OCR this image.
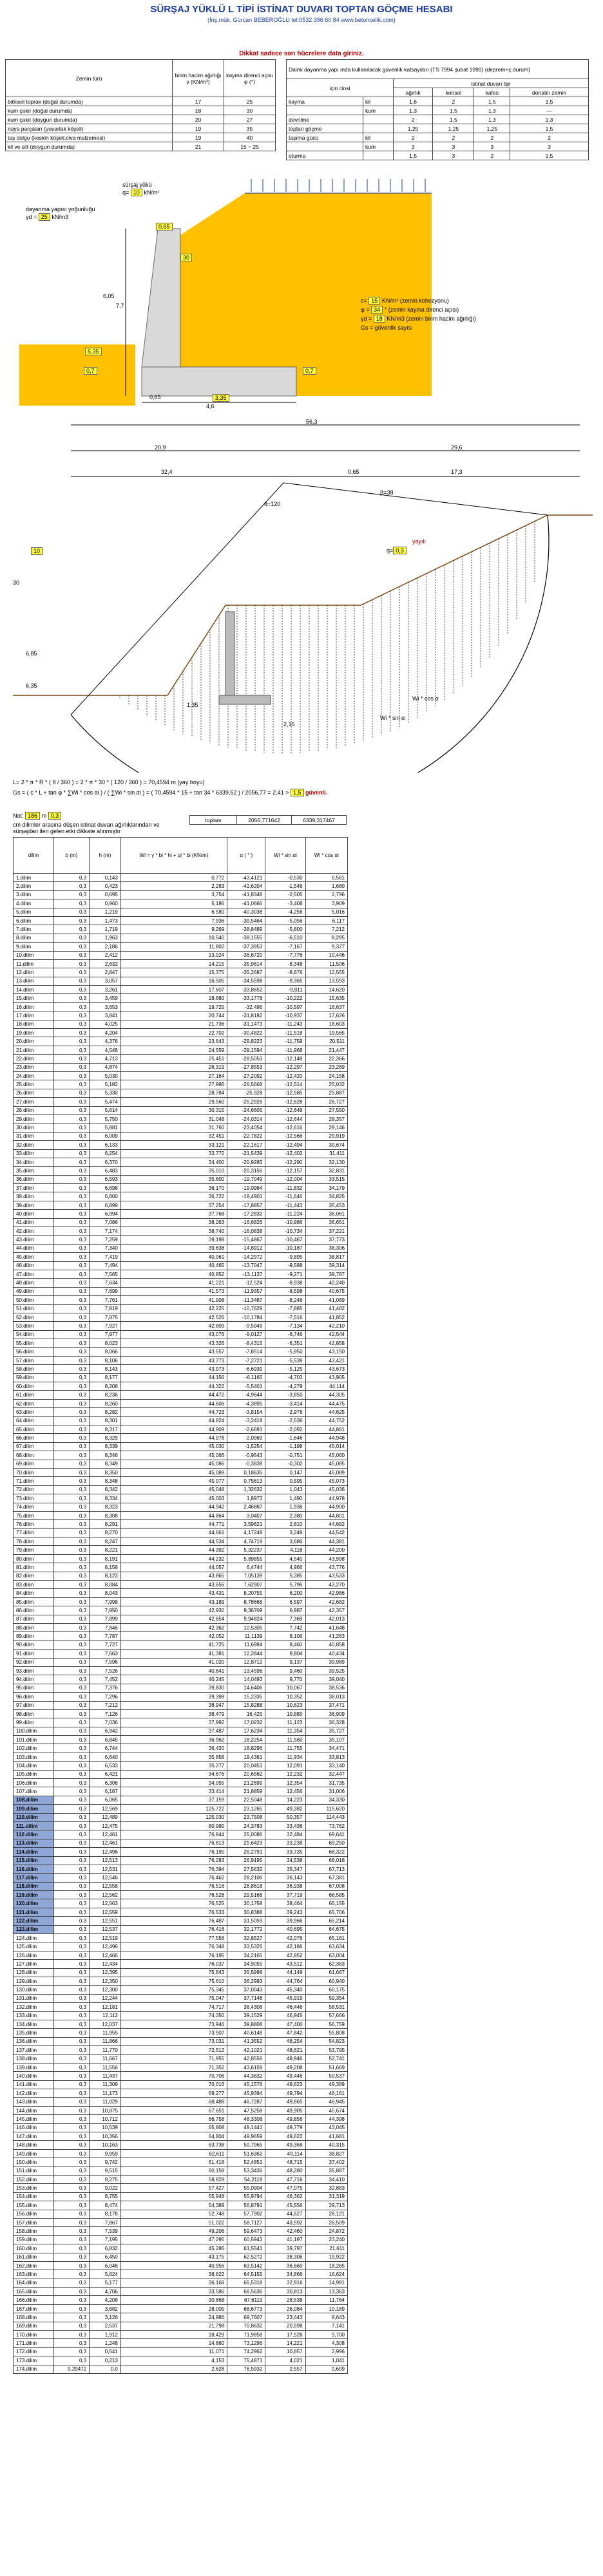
SÜRŞAJ YÜKLÜ L TİPİ İSTİNAT DUVARI TOPTAN GÖÇME HESABI
(İnş.mük. Gürcan BEBEROĞLU tel:0532 396 60 84 www.betoncelik.com)
Dikkat sadece sarı hücrelere data giriniz.
Zemin türü	birim hacim ağırlığı γ (KN/m³)	kayma direnci açısı φ (°)
bitkisel toprak (doğal durumda)	17	25
kum çakıl (doğal durumda)	18	30
kum çakıl (doygun durumda)	20	27
naya parçaları (yuvarlak köşeli)	19	35
taş dolgu (keskin köşeli,civa malzemesi)	19	40
kil ve silt (doygun durumda)	21	15 ~ 25
Daimi dayanma yapı ında kullanılacak güvenlik katsayıları (TS 7994 şubat 1990) (deprem+ç durum)					
için cinsi		istinat duvarı tipi			
		ağırlık	konsol	kafes	donatılı zemin
kayma	kil	1,6	2	1,5	1,5
	kum	1,3	1,5	1,3	—
devrilme		2	1,5	1,3	1,3
toptan göçme		1,25	1,25	1,25	1,5
taşıma gücü	kil	2	2	2	2
	kum	3	3	3	3
oturma		1,5	3	2	1,5
sürşaj yükü
q= 10 kN/m²
dayanma yapısı yoğunluğu
γd = 25 kN/m3
0,65
30
6,05
7,7
5,35
0,7	0,7
0,65	3,35
4,6
c= 15 KN/m² (zemin kohezyonu)
φ = 34 ° (zemin kayma direnci açısı)
γd = 18 KN/m3 (zemin birim hacim ağırlığı)
Gs = güvenlik sayısı
56,3
20,9	29,6
32,4	0,65	17,3
10
30
β=38
θ=120
yayılı
q= 0,3
6,85
6,35
1,35
2,15
Wi * cos α
Wi * sin α
L= 2 * π * R * ( θ / 360 ) = 2 * π * 30 * ( 120 / 360 ) = 70,4594 m (yay boyu)
Gs = ( c * L + tan φ * ∑Wi * cos αi ) / ( ∑Wi * sin αi ) = ( 70,4594 * 15 + tan 34 * 6339,62 ) / 2056,77 = 2,41 > 1,5 güvenli.
Not: 186 m 0,3
cm dilimler arasına düşen istinat duvarı ağırlıklarından ve sürşajdan ileri gelen etki dikkate alınmıştır
toplam	2056,771642	6339,317467
dilim	b (m)	h (m)	Wi = γ * bi * hi + qi * bi (KN/m)	α ( ° )	Wi * sin αi	Wi * cos αi
1.dilim	0,3	0,143	0,772	-43,4121	-0,530	0,561
2.dilim	0,3	0,423	2,283	-42,6204	-1,546	1,680
3.dilim	0,3	0,695	3,754	-41,8348	-2,505	2,796
4.dilim	0,3	0,960	5,186	-41,0666	-3,408	3,909
5.dilim	0,3	1,219	6,580	-40,3038	-4,256	5,016
6.dilim	0,3	1,473	7,936	-39,5464	-5,056	6,117
7.dilim	0,3	1,719	9,269	-38,8489	-5,800	7,212
8.dilim	0,3	1,963	10,540	-38,1555	-6,510	8,295
9.dilim	0,3	2,186	11,802	-37,3953	-7,167	9,377
10.dilim	0,3	2,412	13,024	-36,6720	-7,776	10,446
11.dilim	0,3	2,632	14,215	-35,9614	-8,348	11,506
12.dilim	0,3	2,847	15,375	-35,2687	-8,876	12,555
13.dilim	0,3	3,057	16,505	-34,5598	-9,365	13,593
14.dilim	0,3	3,261	17,607	-33,8652	-9,811	14,620
15.dilim	0,3	3,459	18,680	-33,1778	-10,222	15,635
16.dilim	0,3	3,653	19,725	-32,496	-10,597	16,637
17.dilim	0,3	3,841	20,744	-31,8182	-10,937	17,626
18.dilim	0,3	4,025	21,736	-31,1473	-11,243	18,603
19.dilim	0,3	4,204	22,702	-30,4822	-11,518	19,565
20.dilim	0,3	4,378	23,643	-29,8223	-11,759	20,511
21.dilim	0,3	4,548	24,559	-29,1594	-11,968	21,447
22.dilim	0,3	4,713	25,451	-28,5053	-12,148	22,366
23.dilim	0,3	4,874	26,319	-27,8553	-12,297	23,269
24.dilim	0,3	5,030	27,164	-27,2092	-12,420	24,158
25.dilim	0,3	5,182	27,986	-26,5668	-12,514	25,032
26.dilim	0,3	5,330	28,784	-25,928	-12,585	25,887
27.dilim	0,3	5,474	29,560	-25,2926	-12,628	26,727
28.dilim	0,3	5,614	30,315	-24,6605	-12,648	27,550
29.dilim	0,3	5,750	31,048	-24,0314	-12,644	28,357
30.dilim	0,3	5,881	31,760	-23,4054	-12,616	29,146
31.dilim	0,3	6,009	32,451	-22,7822	-12,566	29,919
32.dilim	0,3	6,133	33,121	-22,1617	-12,494	30,674
33.dilim	0,3	6,254	33,770	-21,5439	-12,402	31,411
34.dilim	0,3	6,370	34,400	-20,9285	-12,290	32,130
35.dilim	0,3	6,483	35,010	-20,3156	-12,157	32,831
36.dilim	0,3	6,593	35,600	-19,7049	-12,004	33,515
37.dilim	0,3	6,698	36,170	-19,0964	-11,832	34,179
38.dilim	0,3	6,800	36,722	-18,4901	-11,646	34,825
39.dilim	0,3	6,899	37,254	-17,8857	-11,443	35,453
40.dilim	0,3	6,994	37,768	-17,2832	-11,224	36,061
41.dilim	0,3	7,086	38,263	-16,6826	-10,986	36,651
42.dilim	0,3	7,174	38,740	-16,0838	-10,734	37,221
43.dilim	0,3	7,259	39,198	-15,4867	-10,467	37,773
44.dilim	0,3	7,340	39,638	-14,8912	-10,187	38,306
45.dilim	0,3	7,419	40,061	-14,2972	-9,895	38,817
46.dilim	0,3	7,494	40,465	-13,7047	-9,588	39,314
47.dilim	0,3	7,565	40,852	-13,1137	-9,271	39,787
48.dilim	0,3	7,634	41,221	-12,524	-8,938	40,240
49.dilim	0,3	7,699	41,573	-11,9357	-8,598	40,675
50.dilim	0,3	7,761	41,908	-11,3487	-8,246	41,089
51.dilim	0,3	7,819	42,225	-10,7629	-7,885	41,482
52.dilim	0,3	7,875	42,526	-10,1784	-7,516	41,852
53.dilim	0,3	7,927	42,809	-9,5949	-7,134	42,210
54.dilim	0,3	7,977	43,076	-9,0127	-6,746	42,544
55.dilim	0,3	8,023	43,326	-8,4315	-6,351	42,858
56.dilim	0,3	8,066	43,557	-7,8514	-5,950	43,150
57.dilim	0,3	8,106	43,773	-7,2721	-5,539	43,421
58.dilim	0,3	8,143	43,973	-6,6939	-5,125	43,673
59.dilim	0,3	8,177	44,156	-6,1165	-4,703	43,905
60.dilim	0,3	8,208	44,322	-5,5401	-4,279	44,114
61.dilim	0,3	8,236	44,472	-4,9644	-3,850	44,305
62.dilim	0,3	8,260	44,606	-4,3895	-3,414	44,475
63.dilim	0,3	8,282	44,723	-3,8154	-2,976	44,625
64.dilim	0,3	8,301	44,824	-3,2418	-2,536	44,752
65.dilim	0,3	8,317	44,909	-2,6691	-2,092	44,861
66.dilim	0,3	8,329	44,978	-2,0969	-1,646	44,948
67.dilim	0,3	8,339	45,030	-1,5254	-1,198	45,014
68.dilim	0,3	8,346	45,066	-0,9543	-0,751	45,060
69.dilim	0,3	8,349	45,086	-0,3838	-0,302	45,085
70.dilim	0,3	8,350	45,089	0,18635	0,147	45,089
71.dilim	0,3	8,348	45,077	0,75613	0,595	45,073
72.dilim	0,3	8,342	45,048	1,32632	1,043	45,036
73.dilim	0,3	8,334	45,003	1,8973	1,490	44,978
74.dilim	0,3	8,323	44,942	2,46887	1,936	44,900
75.dilim	0,3	8,308	44,864	3,0407	2,380	44,801
76.dilim	0,3	8,291	44,771	3,59621	2,810	44,682
77.dilim	0,3	8,270	44,661	4,17249	3,249	44,542
78.dilim	0,3	8,247	44,534	4,74719	3,686	44,381
79.dilim	0,3	8,221	44,392	5,32237	4,118	44,200
80.dilim	0,3	8,191	44,232	5,89855	4,545	43,998
81.dilim	0,3	8,158	44,057	6,4744	4,966	43,776
82.dilim	0,3	8,123	43,865	7,05139	5,385	43,533
83.dilim	0,3	8,084	43,656	7,62907	5,796	43,270
84.dilim	0,3	8,043	43,431	8,20755	6,200	42,986
85.dilim	0,3	7,998	43,189	8,78668	6,597	42,682
86.dilim	0,3	7,950	42,930	9,36709	6,987	42,357
87.dilim	0,3	7,899	42,654	9,94824	7,369	42,013
88.dilim	0,3	7,846	42,362	10,5305	7,742	41,648
89.dilim	0,3	7,787	42,052	11,1139	8,106	41,263
90.dilim	0,3	7,727	41,725	11,6984	8,460	40,858
91.dilim	0,3	7,663	41,381	12,2844	8,804	40,434
92.dilim	0,3	7,596	41,020	12,8712	9,137	39,989
93.dilim	0,3	7,526	40,641	13,4596	9,460	39,525
94.dilim	0,3	7,452	40,245	14,0493	9,770	39,040
95.dilim	0,3	7,376	39,830	14,6406	10,067	38,536
96.dilim	0,3	7,296	39,398	15,2335	10,352	38,013
97.dilim	0,3	7,212	38,947	15,8288	10,623	37,471
98.dilim	0,3	7,126	38,479	16,425	10,880	36,909
99.dilim	0,3	7,036	37,992	17,0232	11,123	36,328
100.dilim	0,3	6,942	37,487	17,6234	11,354	35,727
101.dilim	0,3	6,845	36,962	18,2254	11,560	35,107
102.dilim	0,3	6,744	36,420	18,8296	11,755	34,471
103.dilim	0,3	6,640	35,858	19,4361	11,934	33,813
104.dilim	0,3	6,533	35,277	20,0451	12,091	33,140
105.dilim	0,3	6,421	34,676	20,6562	12,232	32,447
106.dilim	0,3	6,306	34,055	21,2699	12,354	31,735
107.dilim	0,3	6,187	33,414	21,8859	12,456	31,006
108.dilim	0,3	6,065	37,159	22,5048	14,223	34,330
109.dilim	0,3	12,569	125,722	23,1265	49,382	115,620
110.dilim	0,3	12,489	125,030	23,7508	50,357	114,443
111.dilim	0,3	12,475	80,985	24,3783	33,436	73,762
112.dilim	0,3	12,461	76,844	25,0086	32,484	69,641
113.dilim	0,3	12,461	76,813	25,6423	33,238	69,250
114.dilim	0,3	12,496	76,195	26,2791	33,735	68,322
115.dilim	0,3	12,513	76,283	26,9195	34,538	68,018
116.dilim	0,3	12,531	76,394	27,5632	35,347	67,713
117.dilim	0,3	12,546	76,462	28,2106	36,143	67,381
118.dilim	0,3	12,558	76,516	28,8618	36,938	67,008
119.dilim	0,3	12,562	76,528	29,5168	37,719	66,585
120.dilim	0,3	12,563	76,525	30,1758	38,464	66,155
121.dilim	0,3	12,559	76,533	30,8388	39,243	65,706
122.dilim	0,3	12,551	76,487	31,5059	39,966	65,214
123.dilim	0,3	12,537	76,416	32,1772	40,695	64,675
124.dilim	0,3	12,519	77,556	32,8527	42,076	65,161
125.dilim	0,3	12,496	76,348	33,5325	42,186	63,634
126.dilim	0,3	12,466	76,195	34,2165	42,852	63,004
127.dilim	0,3	12,434	76,037	34,9055	43,512	62,363
128.dilim	0,3	12,395	75,843	35,5998	44,149	61,667
129.dilim	0,3	12,350	75,610	36,2993	44,764	60,940
130.dilim	0,3	12,300	75,345	37,0043	45,340	60,175
131.dilim	0,3	12,244	75,047	37,7148	45,919	59,354
132.dilim	0,3	12,181	74,717	38,4308	46,446	58,531
133.dilim	0,3	12,112	74,350	39,1529	46,945	57,666
134.dilim	0,3	12,037	73,946	39,8808	47,400	56,759
135.dilim	0,3	11,955	73,507	40,6148	47,842	55,808
136.dilim	0,3	11,866	73,031	41,3552	48,254	54,823
137.dilim	0,3	11,770	72,512	42,1021	48,621	53,795
138.dilim	0,3	11,667	71,955	42,8556	48,946	52,741
139.dilim	0,3	11,556	71,352	43,6159	49,208	51,669
140.dilim	0,3	11,437	70,706	44,3832	49,446	50,537
141.dilim	0,3	11,309	70,016	45,1576	49,623	49,389
142.dilim	0,3	11,173	69,277	45,9394	49,794	48,161
143.dilim	0,3	11,029	68,488	46,7287	49,865	46,945
144.dilim	0,3	10,875	67,651	47,5258	49,905	45,674
145.dilim	0,3	10,712	66,758	48,3308	49,856	44,398
146.dilim	0,3	10,539	65,808	49,1441	49,779	43,045
147.dilim	0,3	10,356	64,804	49,9659	49,622	41,681
148.dilim	0,3	10,163	63,738	50,7965	49,368	40,315
149.dilim	0,3	9,959	62,611	51,6362	49,114	38,827
150.dilim	0,3	9,742	61,418	52,4851	48,715	37,402
151.dilim	0,3	9,515	60,158	53,3436	48,280	35,887
152.dilim	0,3	9,275	58,829	54,2119	47,716	34,410
153.dilim	0,3	9,022	57,427	55,0904	47,075	32,883
154.dilim	0,3	8,755	55,948	55,9794	46,362	31,319
155.dilim	0,3	8,474	54,389	56,8791	45,556	29,713
156.dilim	0,3	8,178	52,748	57,7902	44,627	28,121
157.dilim	0,3	7,867	51,022	58,7127	43,592	26,509
158.dilim	0,3	7,539	49,206	59,6473	42,460	24,872
159.dilim	0,3	7,195	47,295	60,5943	41,197	23,240
160.dilim	0,3	6,832	45,286	61,5541	39,797	21,611
161.dilim	0,3	6,450	43,175	62,5272	38,306	19,922
162.dilim	0,3	6,048	40,956	63,5142	36,660	18,265
163.dilim	0,3	5,624	38,622	64,5155	34,866	16,624
164.dilim	0,3	5,177	36,168	65,5318	32,916	14,991
165.dilim	0,3	4,706	33,586	66,5636	30,813	13,363
166.dilim	0,3	4,208	30,868	67,6119	28,538	11,764
167.dilim	0,3	3,682	28,005	68,6773	26,084	10,189
168.dilim	0,3	3,126	24,986	69,7607	23,443	8,643
169.dilim	0,3	2,537	21,798	70,8632	20,598	7,141
170.dilim	0,3	1,912	18,429	71,9858	17,528	5,700
171.dilim	0,3	1,248	14,860	73,1296	14,221	4,308
172.dilim	0,3	0,541	11,071	74,2962	10,657	2,996
173.dilim	0,3	0,213	4,153	75,4871	4,021	1,041
174.dilim	0,20472	0,0	2,628	76,5932	2,557	0,609
